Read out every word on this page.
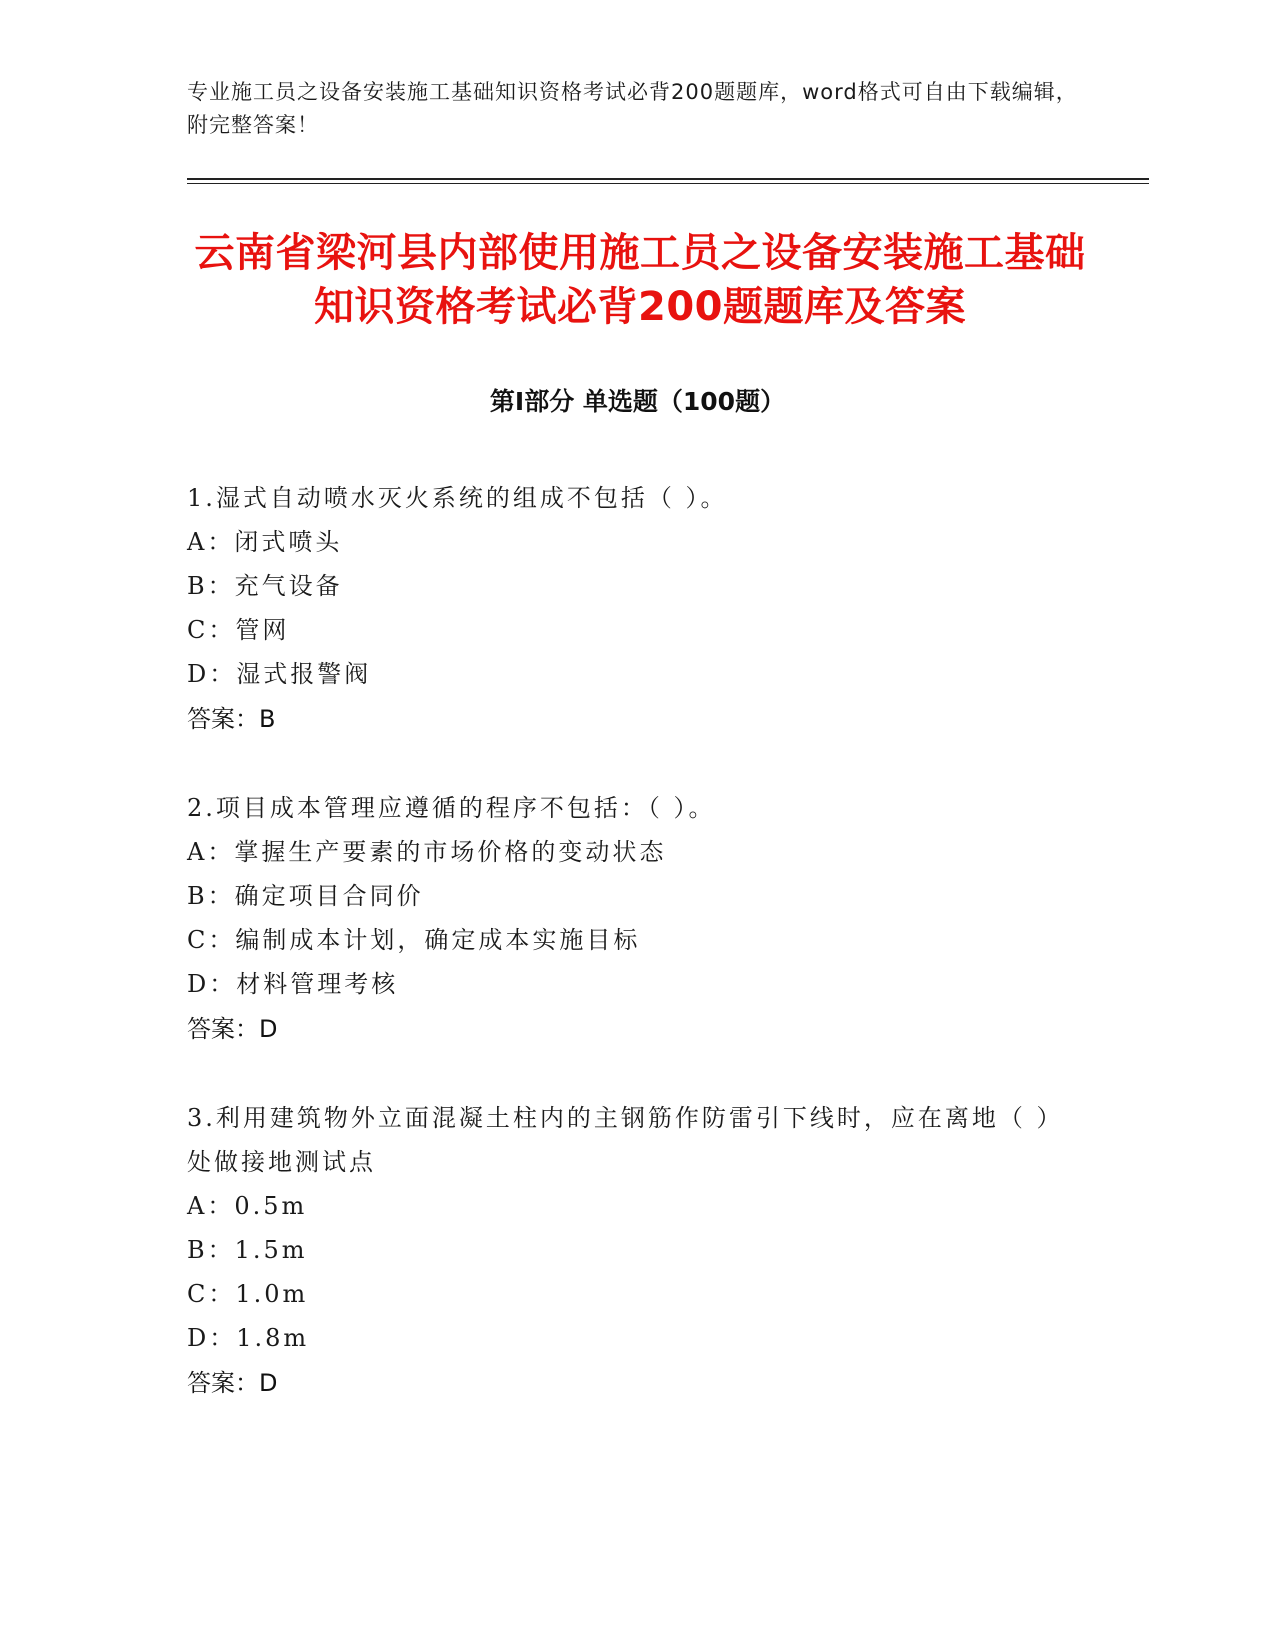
专业施工员之设备安装施工基础知识资格考试必背200题题库，word格式可自由下载编辑，附完整答案！
云南省梁河县内部使用施工员之设备安装施工基础知识资格考试必背200题题库及答案
第I部分 单选题（100题）
1.湿式自动喷水灭火系统的组成不包括（ ）。
A：闭式喷头
B：充气设备
C：管网
D：湿式报警阀
答案：B
2.项目成本管理应遵循的程序不包括：（ ）。
A：掌握生产要素的市场价格的变动状态
B：确定项目合同价
C：编制成本计划，确定成本实施目标
D：材料管理考核
答案：D
3.利用建筑物外立面混凝土柱内的主钢筋作防雷引下线时，应在离地（ ）处做接地测试点
A：0.5m
B：1.5m
C：1.0m
D：1.8m
答案：D
